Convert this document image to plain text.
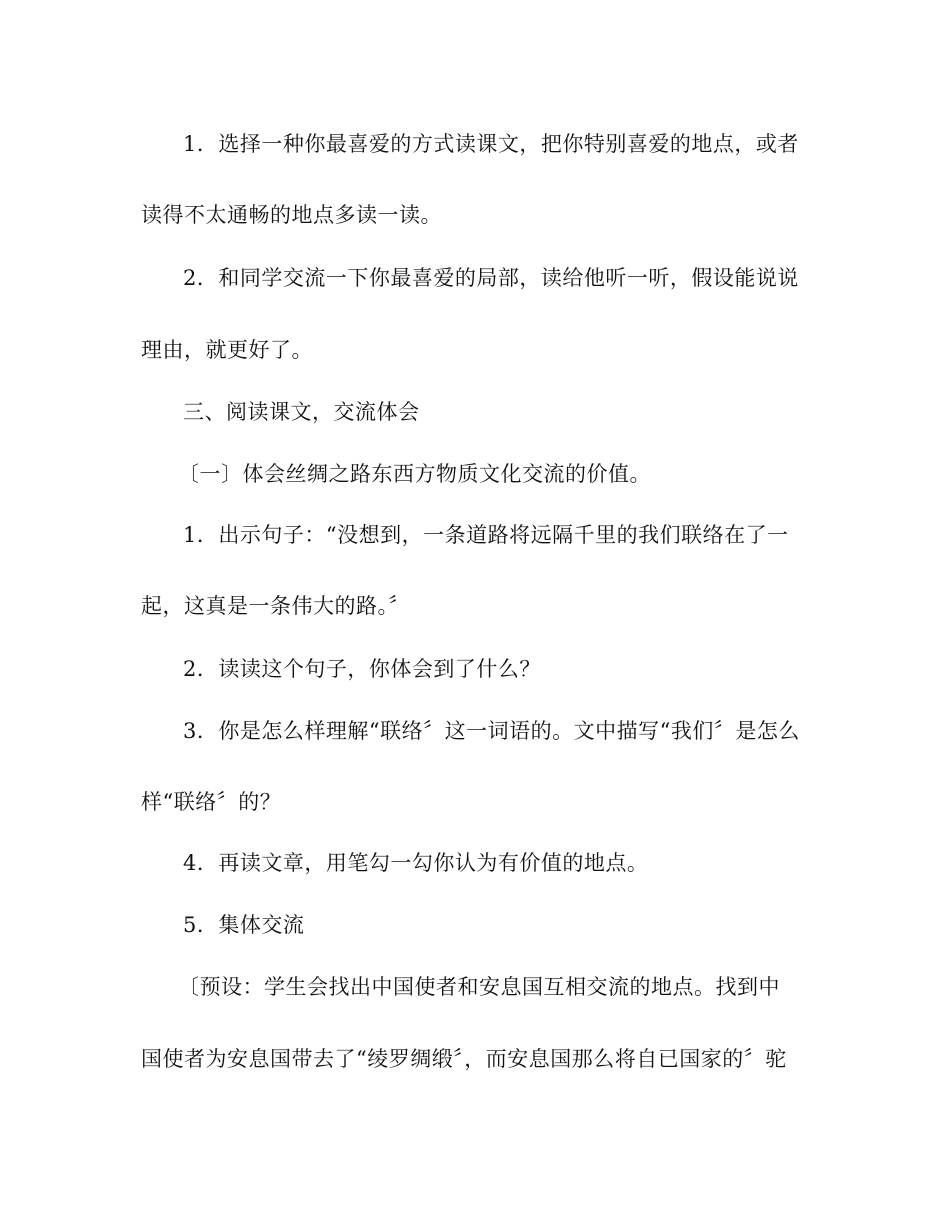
1．选择一种你最喜爱的方式读课文，把你特别喜爱的地点，或者

读得不太通畅的地点多读一读。

2．和同学交流一下你最喜爱的局部，读给他听一听，假设能说说

理由，就更好了。

三、阅读课文，交流体会

〔一〕体会丝绸之路东西方物质文化交流的价值。

1．出示句子：“没想到，一条道路将远隔千里的我们联络在了一

起，这真是一条伟大的路。〞

2．读读这个句子，你体会到了什么？

3．你是怎么样理解“联络〞这一词语的。文中描写“我们〞是怎么

样“联络〞的？

4．再读文章，用笔勾一勾你认为有价值的地点。

5．集体交流

〔预设：学生会找出中国使者和安息国互相交流的地点。找到中

国使者为安息国带去了“绫罗绸缎〞，而安息国那么将自已国家的〞驼
